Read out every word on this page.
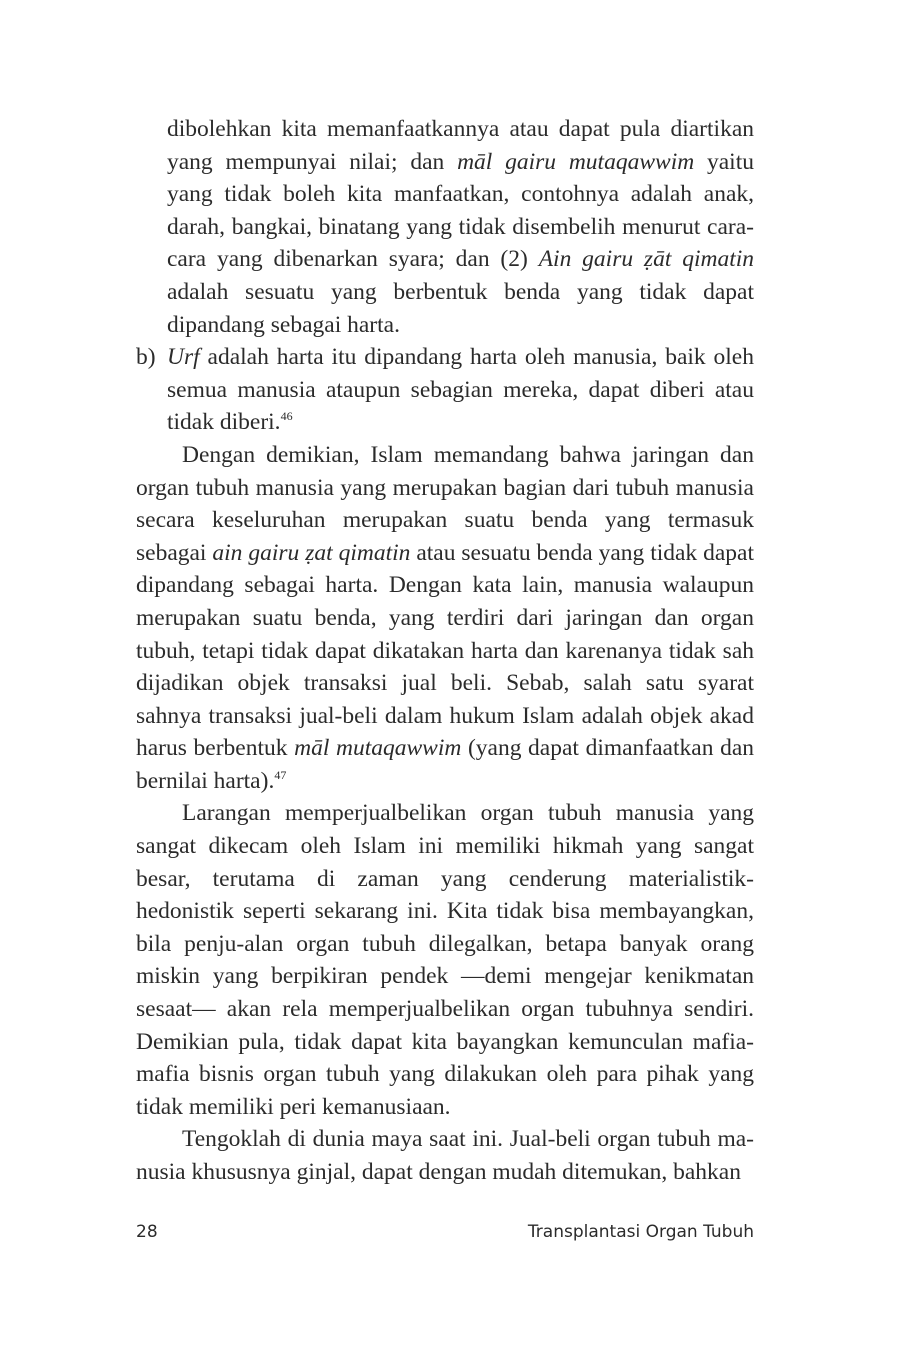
dibolehkan kita memanfaatkannya atau dapat pula diartikan yang mempunyai nilai; dan māl gairu mutaqawwim yaitu yang tidak boleh kita manfaatkan, contohnya adalah anak, darah, bangkai, binatang yang tidak disembelih menurut cara-cara yang dibenarkan syara; dan (2) Ain gairu ẓāt qimatin adalah sesuatu yang berbentuk benda yang tidak dapat dipandang sebagai harta.

b) Urf adalah harta itu dipandang harta oleh manusia, baik oleh semua manusia ataupun sebagian mereka, dapat diberi atau tidak diberi.$^{46}$

Dengan demikian, Islam memandang bahwa jaringan dan organ tubuh manusia yang merupakan bagian dari tubuh manusia secara keseluruhan merupakan suatu benda yang termasuk sebagai ain gairu ẓat qimatin atau sesuatu benda yang tidak dapat dipandang sebagai harta. Dengan kata lain, manusia walaupun merupakan suatu benda, yang terdiri dari jaringan dan organ tubuh, tetapi tidak dapat dikatakan harta dan karenanya tidak sah dijadikan objek transaksi jual beli. Sebab, salah satu syarat sahnya transaksi jual-beli dalam hukum Islam adalah objek akad harus berbentuk māl mutaqawwim (yang dapat dimanfaatkan dan bernilai harta).$^{47}$

Larangan memperjualbelikan organ tubuh manusia yang sangat dikecam oleh Islam ini memiliki hikmah yang sangat besar, terutama di zaman yang cenderung materialistik-hedonistik seperti sekarang ini. Kita tidak bisa membayangkan, bila penju-alan organ tubuh dilegalkan, betapa banyak orang miskin yang berpikiran pendek —demi mengejar kenikmatan sesaat— akan rela memperjualbelikan organ tubuhnya sendiri. Demikian pula, tidak dapat kita bayangkan kemunculan mafia-mafia bisnis organ tubuh yang dilakukan oleh para pihak yang tidak memiliki peri kemanusiaan.

Tengoklah di dunia maya saat ini. Jual-beli organ tubuh ma-nusia khususnya ginjal, dapat dengan mudah ditemukan, bahkan

28	Transplantasi Organ Tubuh
